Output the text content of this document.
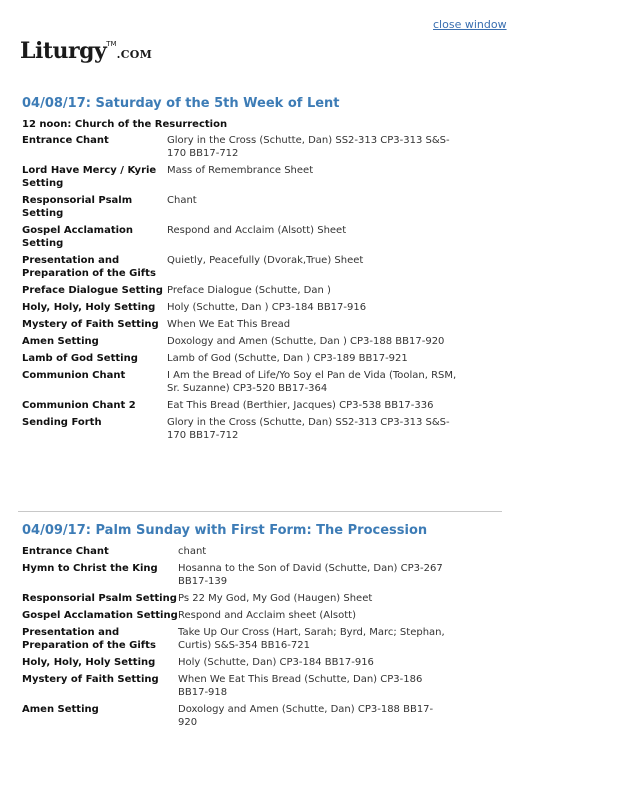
close window
Liturgy™.COM
04/08/17: Saturday of the 5th Week of Lent
12 noon: Church of the Resurrection
Entrance Chant	Glory in the Cross (Schutte, Dan) SS2-313 CP3-313 S&S-170 BB17-712
Lord Have Mercy / Kyrie Setting	Mass of Remembrance Sheet
Responsorial Psalm Setting	Chant
Gospel Acclamation Setting	Respond and Acclaim (Alsott) Sheet
Presentation and Preparation of the Gifts	Quietly, Peacefully (Dvorak,True) Sheet
Preface Dialogue Setting	Preface Dialogue (Schutte, Dan )
Holy, Holy, Holy Setting	Holy (Schutte, Dan ) CP3-184 BB17-916
Mystery of Faith Setting	When We Eat This Bread
Amen Setting	Doxology and Amen (Schutte, Dan ) CP3-188 BB17-920
Lamb of God Setting	Lamb of God (Schutte, Dan ) CP3-189 BB17-921
Communion Chant	I Am the Bread of Life/Yo Soy el Pan de Vida (Toolan, RSM, Sr. Suzanne) CP3-520 BB17-364
Communion Chant 2	Eat This Bread (Berthier, Jacques) CP3-538 BB17-336
Sending Forth	Glory in the Cross (Schutte, Dan) SS2-313 CP3-313 S&S-170 BB17-712
04/09/17: Palm Sunday with First Form: The Procession
Entrance Chant	chant
Hymn to Christ the King	Hosanna to the Son of David (Schutte, Dan) CP3-267 BB17-139
Responsorial Psalm Setting	Ps 22 My God, My God (Haugen) Sheet
Gospel Acclamation Setting	Respond and Acclaim sheet (Alsott)
Presentation and Preparation of the Gifts	Take Up Our Cross (Hart, Sarah; Byrd, Marc; Stephan, Curtis) S&S-354 BB16-721
Holy, Holy, Holy Setting	Holy (Schutte, Dan) CP3-184 BB17-916
Mystery of Faith Setting	When We Eat This Bread (Schutte, Dan) CP3-186 BB17-918
Amen Setting	Doxology and Amen (Schutte, Dan) CP3-188 BB17-920
